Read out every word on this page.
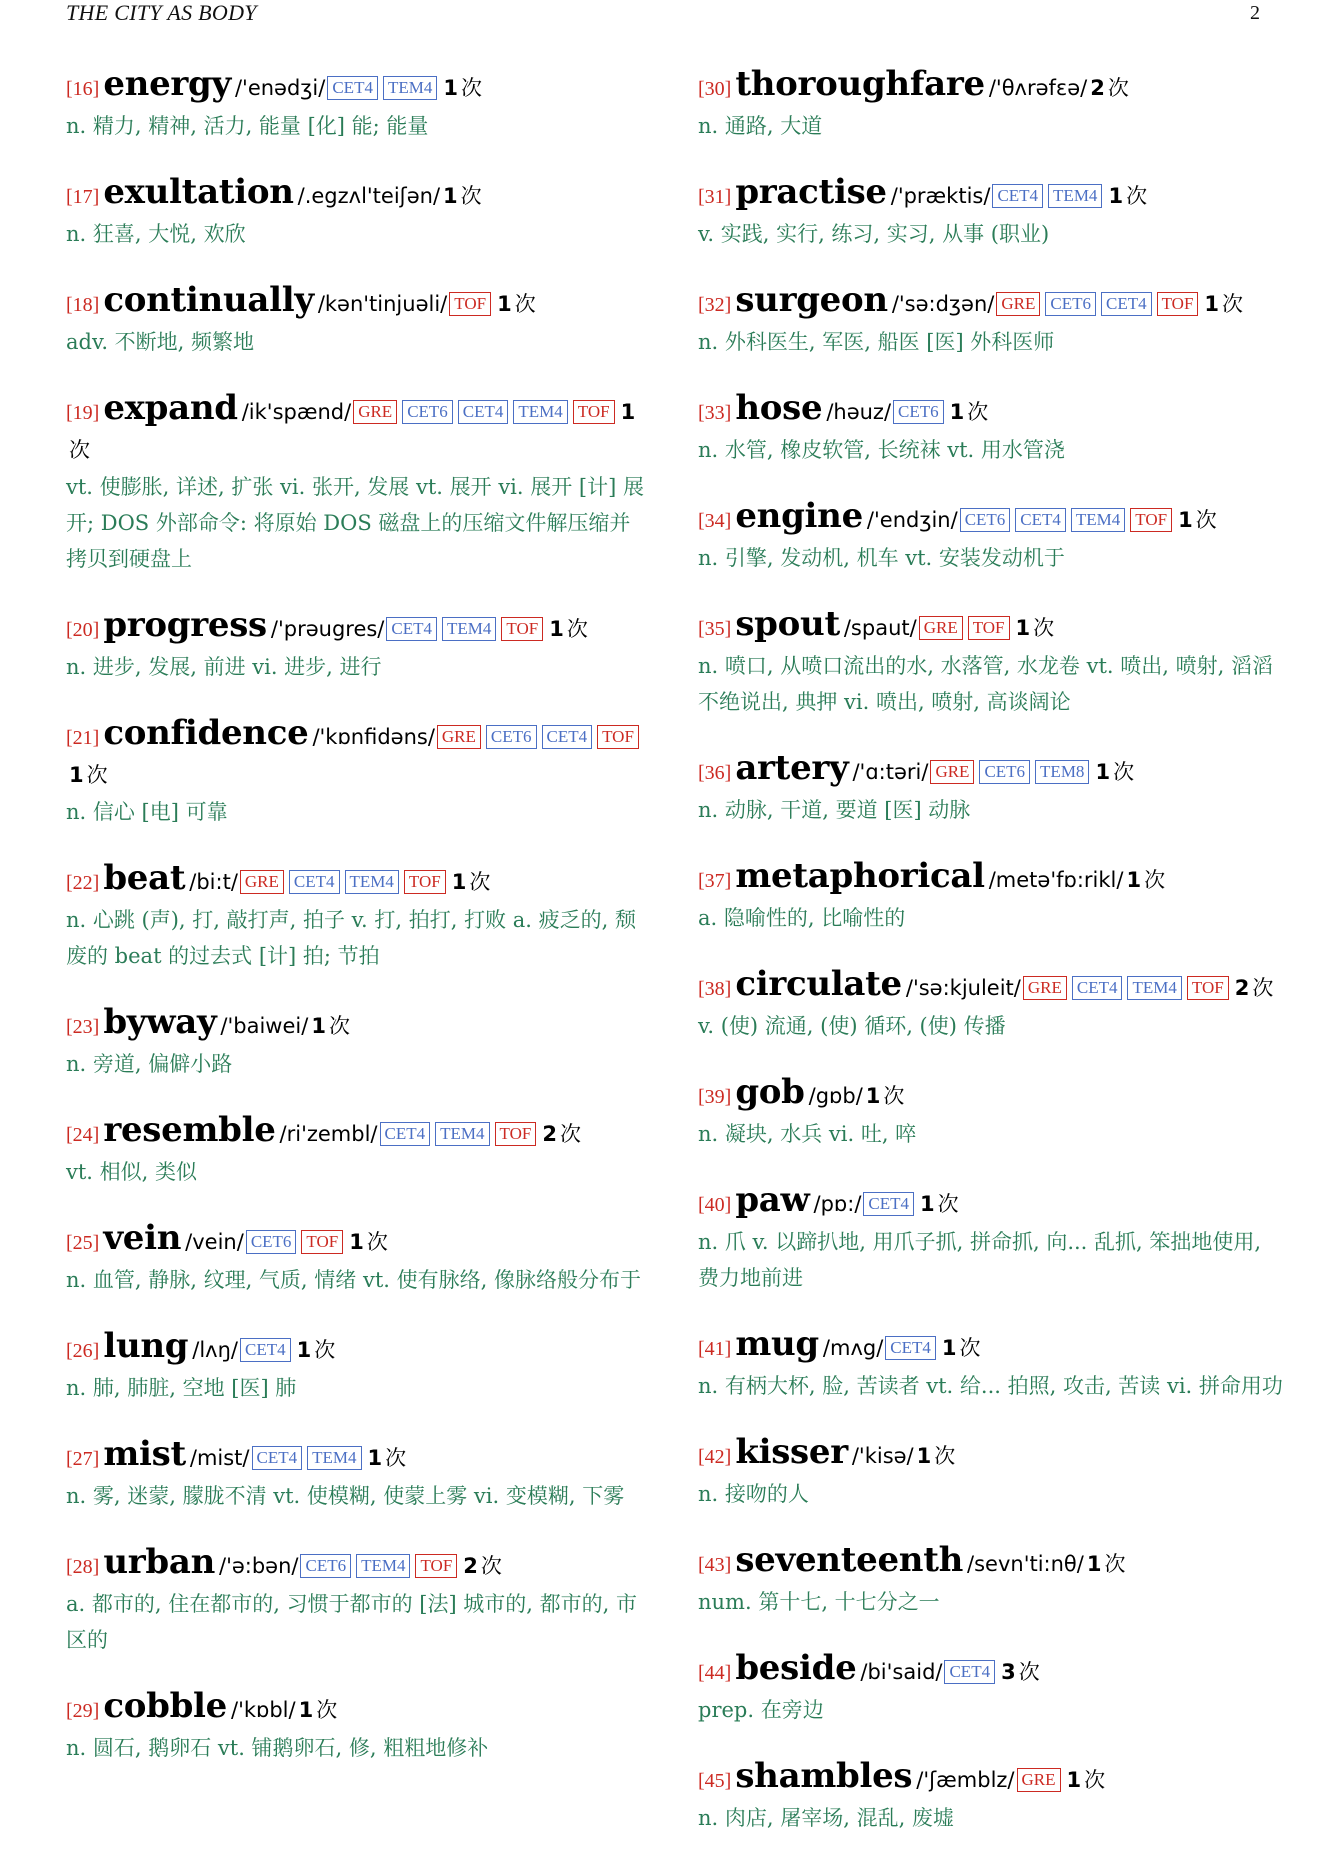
THE CITY AS BODY	2
[16] energy /'enədʒi/ CET4 TEM4 1 次
n. 精力, 精神, 活力, 能量 [化] 能; 能量
[17] exultation /.egzʌl'teiʃən/ 1 次
n. 狂喜, 大悦, 欢欣
[18] continually /kən'tinjuəli/ TOF 1 次
adv. 不断地, 频繁地
[19] expand /ik'spænd/ GRE CET6 CET4 TEM4 TOF 1次
vt. 使膨胀, 详述, 扩张 vi. 张开, 发展 vt. 展开 vi. 展开 [计] 展开; DOS 外部命令: 将原始 DOS 磁盘上的压缩文件解压缩并拷贝到硬盘上
[20] progress /'prəugres/ CET4 TEM4 TOF 1 次
n. 进步, 发展, 前进 vi. 进步, 进行
[21] confidence /'kɒnfidəns/ GRE CET6 CET4 TOF1 次
n. 信心 [电] 可靠
[22] beat /bi:t/ GRE CET4 TEM4 TOF 1 次
n. 心跳 (声), 打, 敲打声, 拍子 v. 打, 拍打, 打败 a. 疲乏的, 颓废的 beat 的过去式 [计] 拍; 节拍
[23] byway /'baiwei/ 1 次
n. 旁道, 偏僻小路
[24] resemble /ri'zembl/ CET4 TEM4 TOF 2 次
vt. 相似, 类似
[25] vein /vein/ CET6 TOF 1 次
n. 血管, 静脉, 纹理, 气质, 情绪 vt. 使有脉络, 像脉络般分布于
[26] lung /lʌŋ/ CET4 1 次
n. 肺, 肺脏, 空地 [医] 肺
[27] mist /mist/ CET4 TEM4 1 次
n. 雾, 迷蒙, 朦胧不清 vt. 使模糊, 使蒙上雾 vi. 变模糊, 下雾
[28] urban /'ə:bən/ CET6 TEM4 TOF 2 次
a. 都市的, 住在都市的, 习惯于都市的 [法] 城市的, 都市的, 市区的
[29] cobble /'kɒbl/ 1 次
n. 圆石, 鹅卵石 vt. 铺鹅卵石, 修, 粗粗地修补
[30] thoroughfare /'θʌrəfɛə/ 2 次
n. 通路, 大道
[31] practise /'præktis/ CET4 TEM4 1 次
v. 实践, 实行, 练习, 实习, 从事 (职业)
[32] surgeon /'sə:dʒən/ GRE CET6 CET4 TOF 1 次
n. 外科医生, 军医, 船医 [医] 外科医师
[33] hose /həuz/ CET6 1 次
n. 水管, 橡皮软管, 长统袜 vt. 用水管浇
[34] engine /'endʒin/ CET6 CET4 TEM4 TOF 1 次
n. 引擎, 发动机, 机车 vt. 安装发动机于
[35] spout /spaut/ GRE TOF 1 次
n. 喷口, 从喷口流出的水, 水落管, 水龙卷 vt. 喷出, 喷射, 滔滔不绝说出, 典押 vi. 喷出, 喷射, 高谈阔论
[36] artery /'ɑ:təri/ GRE CET6 TEM8 1 次
n. 动脉, 干道, 要道 [医] 动脉
[37] metaphorical /metə'fɒ:rikl/ 1 次
a. 隐喻性的, 比喻性的
[38] circulate /'sə:kjuleit/ GRE CET4 TEM4 TOF 2 次
v. (使) 流通, (使) 循环, (使) 传播
[39] gob /gɒb/ 1 次
n. 凝块, 水兵 vi. 吐, 啐
[40] paw /pɒ:/ CET4 1 次
n. 爪 v. 以蹄扒地, 用爪子抓, 拼命抓, 向... 乱抓, 笨拙地使用, 费力地前进
[41] mug /mʌg/ CET4 1 次
n. 有柄大杯, 脸, 苦读者 vt. 给... 拍照, 攻击, 苦读 vi. 拼命用功
[42] kisser /'kisə/ 1 次
n. 接吻的人
[43] seventeenth /sevn'ti:nθ/ 1 次
num. 第十七, 十七分之一
[44] beside /bi'said/ CET4 3 次
prep. 在旁边
[45] shambles /'ʃæmblz/ GRE 1 次
n. 肉店, 屠宰场, 混乱, 废墟
